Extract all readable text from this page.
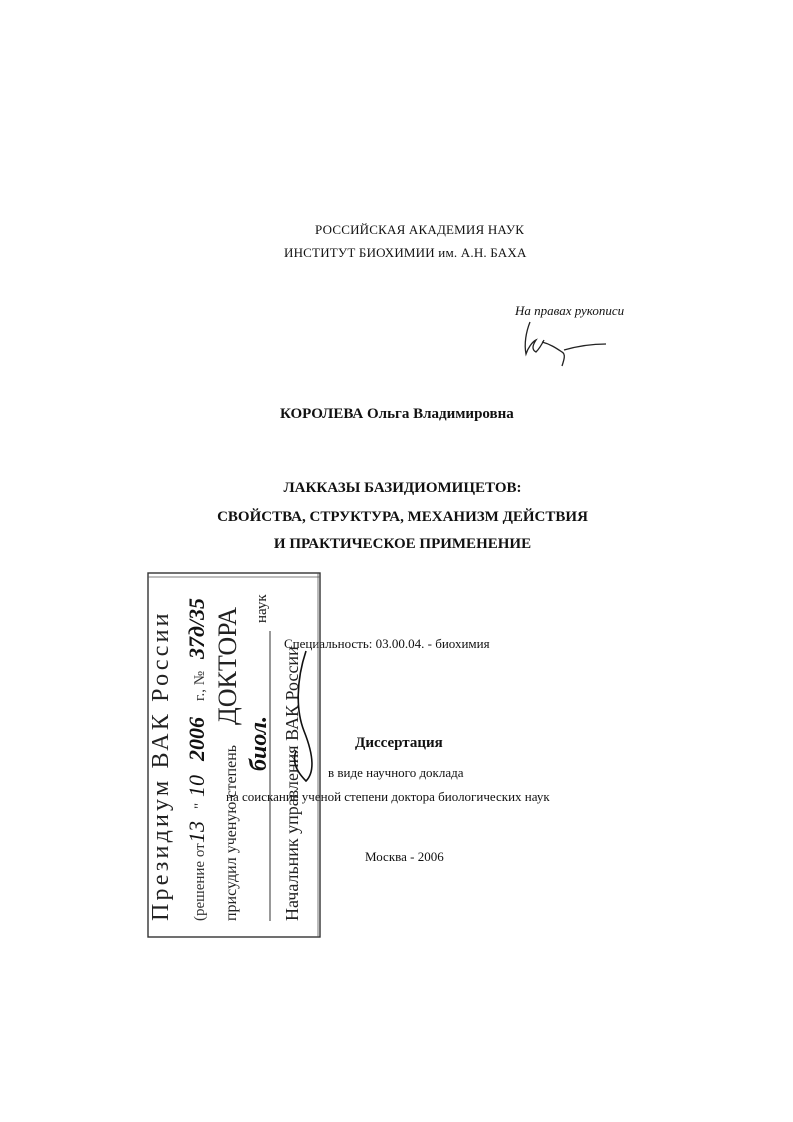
РОССИЙСКАЯ АКАДЕМИЯ НАУК
ИНСТИТУТ БИОХИМИИ им. А.Н. БАХА
На правах рукописи
КОРОЛЕВА Ольга Владимировна
ЛАККАЗЫ БАЗИДИОМИЦЕТОВ:
СВОЙСТВА, СТРУКТУРА, МЕХАНИЗМ ДЕЙСТВИЯ
И ПРАКТИЧЕСКОЕ ПРИМЕНЕНИЕ
Специальность: 03.00.04. - биохимия
Диссертация
в виде научного доклада
на соискание ученой степени доктора биологических наук
Москва - 2006
Президиум ВАК России (решение от
13
"
10
2006
г., №
37д/35
присудил ученую степень
ДОКТОРА
биол.
наук
Начальник управления ВАК России
